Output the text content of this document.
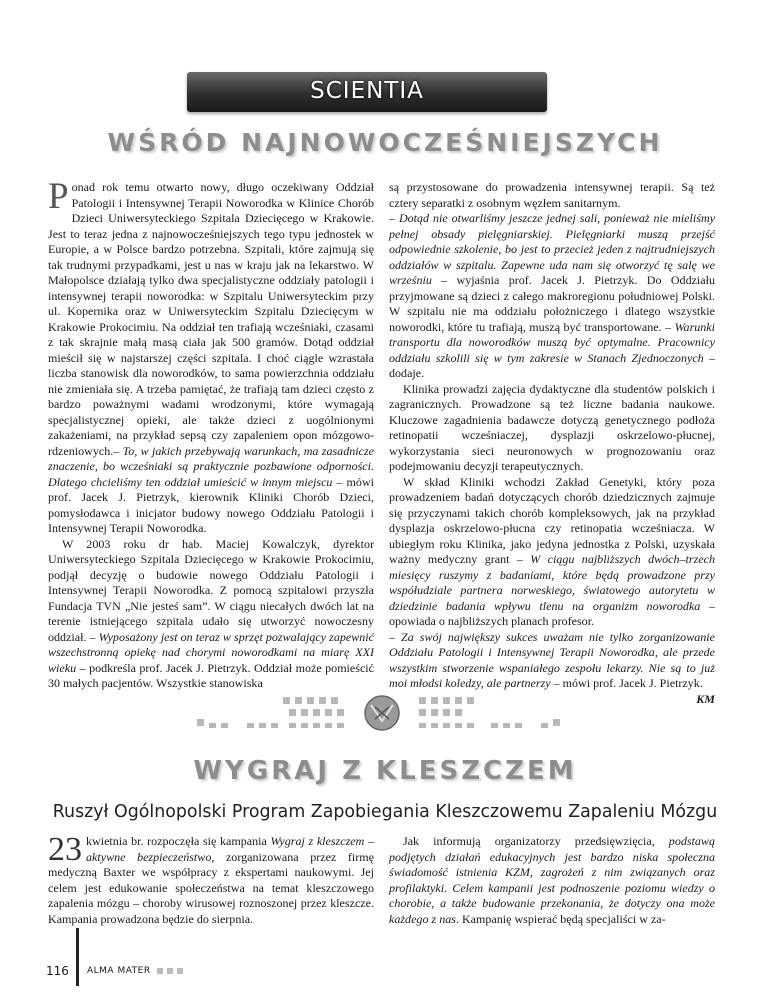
SCIENTIA
WŚRÓD NAJNOWOCZEŚNIEJSZYCH

Ponad rok temu otwarto nowy, długo oczekiwany Oddział Patologii i Intensywnej Terapii Noworodka w Klinice Chorób Dzieci Uniwersyteckiego Szpitala Dziecięcego w Krakowie. Jest to teraz jedna z najnowocześniejszych tego typu jednostek w Europie, a w Polsce bardzo potrzebna. Szpitali, które zajmują się tak trudnymi przypadkami, jest u nas w kraju jak na lekarstwo. W Małopolsce działają tylko dwa specjalistyczne oddziały patologii i intensywnej terapii noworodka: w Szpitalu Uniwersyteckim przy ul. Kopernika oraz w Uniwersyteckim Szpitalu Dziecięcym w Krakowie Prokocimiu. Na oddział ten trafiają wcześniaki, czasami z tak skrajnie małą masą ciała jak 500 gramów. Dotąd oddział mieścił się w najstarszej części szpitala. I choć ciągle wzrastała liczba stanowisk dla noworodków, to sama powierzchnia oddziału nie zmieniała się. A trzeba pamiętać, że trafiają tam dzieci często z bardzo poważnymi wadami wrodzonymi, które wymagają specjalistycznej opieki, ale także dzieci z uogólnionymi zakażeniami, na przykład sepsą czy zapaleniem opon mózgowo-rdzeniowych.– To, w jakich przebywają warunkach, ma zasadnicze znaczenie, bo wcześniaki są praktycznie pozbawione odporności. Dlatego chcieliśmy ten oddział umieścić w innym miejscu – mówi prof. Jacek J. Pietrzyk, kierownik Kliniki Chorób Dzieci, pomysłodawca i inicjator budowy nowego Oddziału Patologii i Intensywnej Terapii Noworodka.

W 2003 roku dr hab. Maciej Kowalczyk, dyrektor Uniwersyteckiego Szpitala Dziecięcego w Krakowie Prokocimiu, podjął decyzję o budowie nowego Oddziału Patologii i Intensywnej Terapii Noworodka. Z pomocą szpitalowi przyszła Fundacja TVN „Nie jesteś sam”. W ciągu niecałych dwóch lat na terenie istniejącego szpitala udało się utworzyć nowoczesny oddział. – Wyposażony jest on teraz w sprzęt pozwalający zapewnić wszechstronną opiekę nad chorymi noworodkami na miarę XXI wieku – podkreśla prof. Jacek J. Pietrzyk. Oddział może pomieścić 30 małych pacjentów. Wszystkie stanowiska

są przystosowane do prowadzenia intensywnej terapii. Są też cztery separatki z osobnym węzłem sanitarnym.

– Dotąd nie otwarliśmy jeszcze jednej sali, ponieważ nie mieliśmy pełnej obsady pielęgniarskiej. Pielęgniarki muszą przejść odpowiednie szkolenie, bo jest to przecież jeden z najtrudniejszych oddziałów w szpitalu. Zapewne uda nam się otworzyć tę salę we wrześniu – wyjaśnia prof. Jacek J. Pietrzyk. Do Oddziału przyjmowane są dzieci z całego makroregionu południowej Polski. W szpitalu nie ma oddziału położniczego i dlatego wszystkie noworodki, które tu trafiają, muszą być transportowane. – Warunki transportu dla noworodków muszą być optymalne. Pracownicy oddziału szkolili się w tym zakresie w Stanach Zjednoczonych – dodaje.

Klinika prowadzi zajęcia dydaktyczne dla studentów polskich i zagranicznych. Prowadzone są też liczne badania naukowe. Kluczowe zagadnienia badawcze dotyczą genetycznego podłoża retinopatii wcześniaczej, dysplazji oskrzelowo-płucnej, wykorzystania sieci neuronowych w prognozowaniu oraz podejmowaniu decyzji terapeutycznych.

W skład Kliniki wchodzi Zakład Genetyki, który poza prowadzeniem badań dotyczących chorób dziedzicznych zajmuje się przyczynami takich chorób kompleksowych, jak na przykład dysplazja oskrzelowo-płucna czy retinopatia wcześniacza. W ubiegłym roku Klinika, jako jedyna jednostka z Polski, uzyskała ważny medyczny grant – W ciągu najbliższych dwóch–trzech miesięcy ruszymy z badaniami, które będą prowadzone przy współudziale partnera norweskiego, światowego autorytetu w dziedzinie badania wpływu tlenu na organizm noworodka – opowiada o najbliższych planach profesor.

– Za swój największy sukces uważam nie tylko zorganizowanie Oddziału Patologii i Intensywnej Terapii Noworodka, ale przede wszystkim stworzenie wspaniałego zespołu lekarzy. Nie są to już moi młodsi koledzy, ale partnerzy – mówi prof. Jacek J. Pietrzyk.

KM
WYGRAJ Z KLESZCZEM
Ruszył Ogólnopolski Program Zapobiegania Kleszczowemu Zapaleniu Mózgu

23 kwietnia br. rozpoczęła się kampania Wygraj z kleszczem – aktywne bezpieczeństwo, zorganizowana przez firmę medyczną Baxter we współpracy z ekspertami naukowymi. Jej celem jest edukowanie społeczeństwa na temat kleszczowego zapalenia mózgu – choroby wirusowej roznoszonej przez kleszcze. Kampania prowadzona będzie do sierpnia.

Jak informują organizatorzy przedsięwzięcia, podstawą podjętych działań edukacyjnych jest bardzo niska społeczna świadomość istnienia KZM, zagrożeń z nim związanych oraz profilaktyki. Celem kampanii jest podnoszenie poziomu wiedzy o chorobie, a także budowanie przekonania, że dotyczy ona może każdego z nas. Kampanię wspierać będą specjaliści w za-

116 ALMA MATER
